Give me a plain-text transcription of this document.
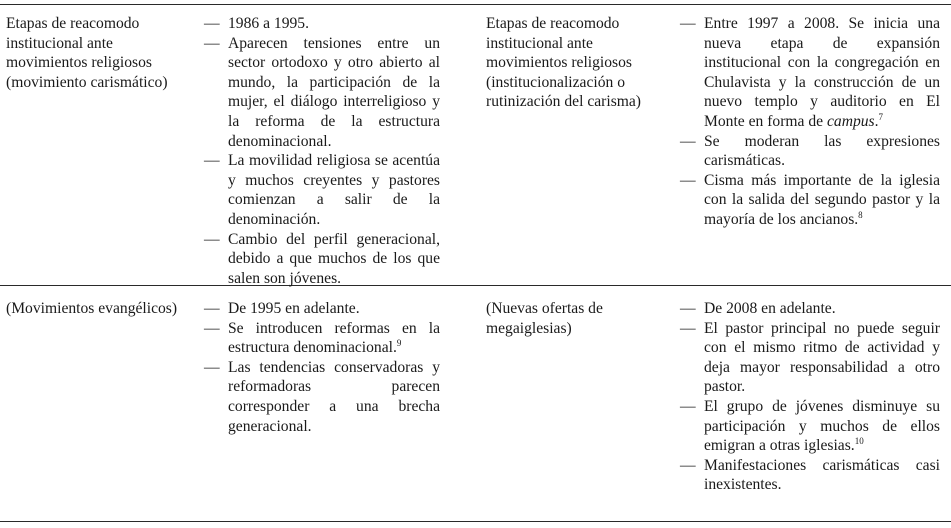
Etapas de reacomodo institucional ante movimientos religiosos (movimiento carismático)
— 1986 a 1995.
— Aparecen tensiones entre un sector ortodoxo y otro abierto al mundo, la participación de la mujer, el diálogo interreligioso y la reforma de la estructura denominacional.
— La movilidad religiosa se acentúa y muchos creyentes y pastores comienzan a salir de la denominación.
— Cambio del perfil generacional, debido a que muchos de los que salen son jóvenes.
Etapas de reacomodo institucional ante movimientos religiosos (institucionalización o rutinización del carisma)
— Entre 1997 a 2008. Se inicia una nueva etapa de expansión institucional con la congregación en Chulavista y la construcción de un nuevo templo y auditorio en El Monte en forma de campus.$^7$
— Se moderan las expresiones carismáticas.
— Cisma más importante de la iglesia con la salida del segundo pastor y la mayoría de los ancianos.$^8$
(Movimientos evangélicos)
—	De 1995 en adelante.
— Se introducen reformas en la estructura denominacional.$^9$
— Las tendencias conservadoras y reformadoras parecen corresponder a una brecha generacional.
(Nuevas ofertas de megaiglesias)
— De 2008 en adelante.
— El pastor principal no puede seguir con el mismo ritmo de actividad y deja mayor responsabilidad a otro pastor.
— El grupo de jóvenes disminuye su participación y muchos de ellos emigran a otras iglesias.$^{10}$
— Manifestaciones carismáticas casi inexistentes.
